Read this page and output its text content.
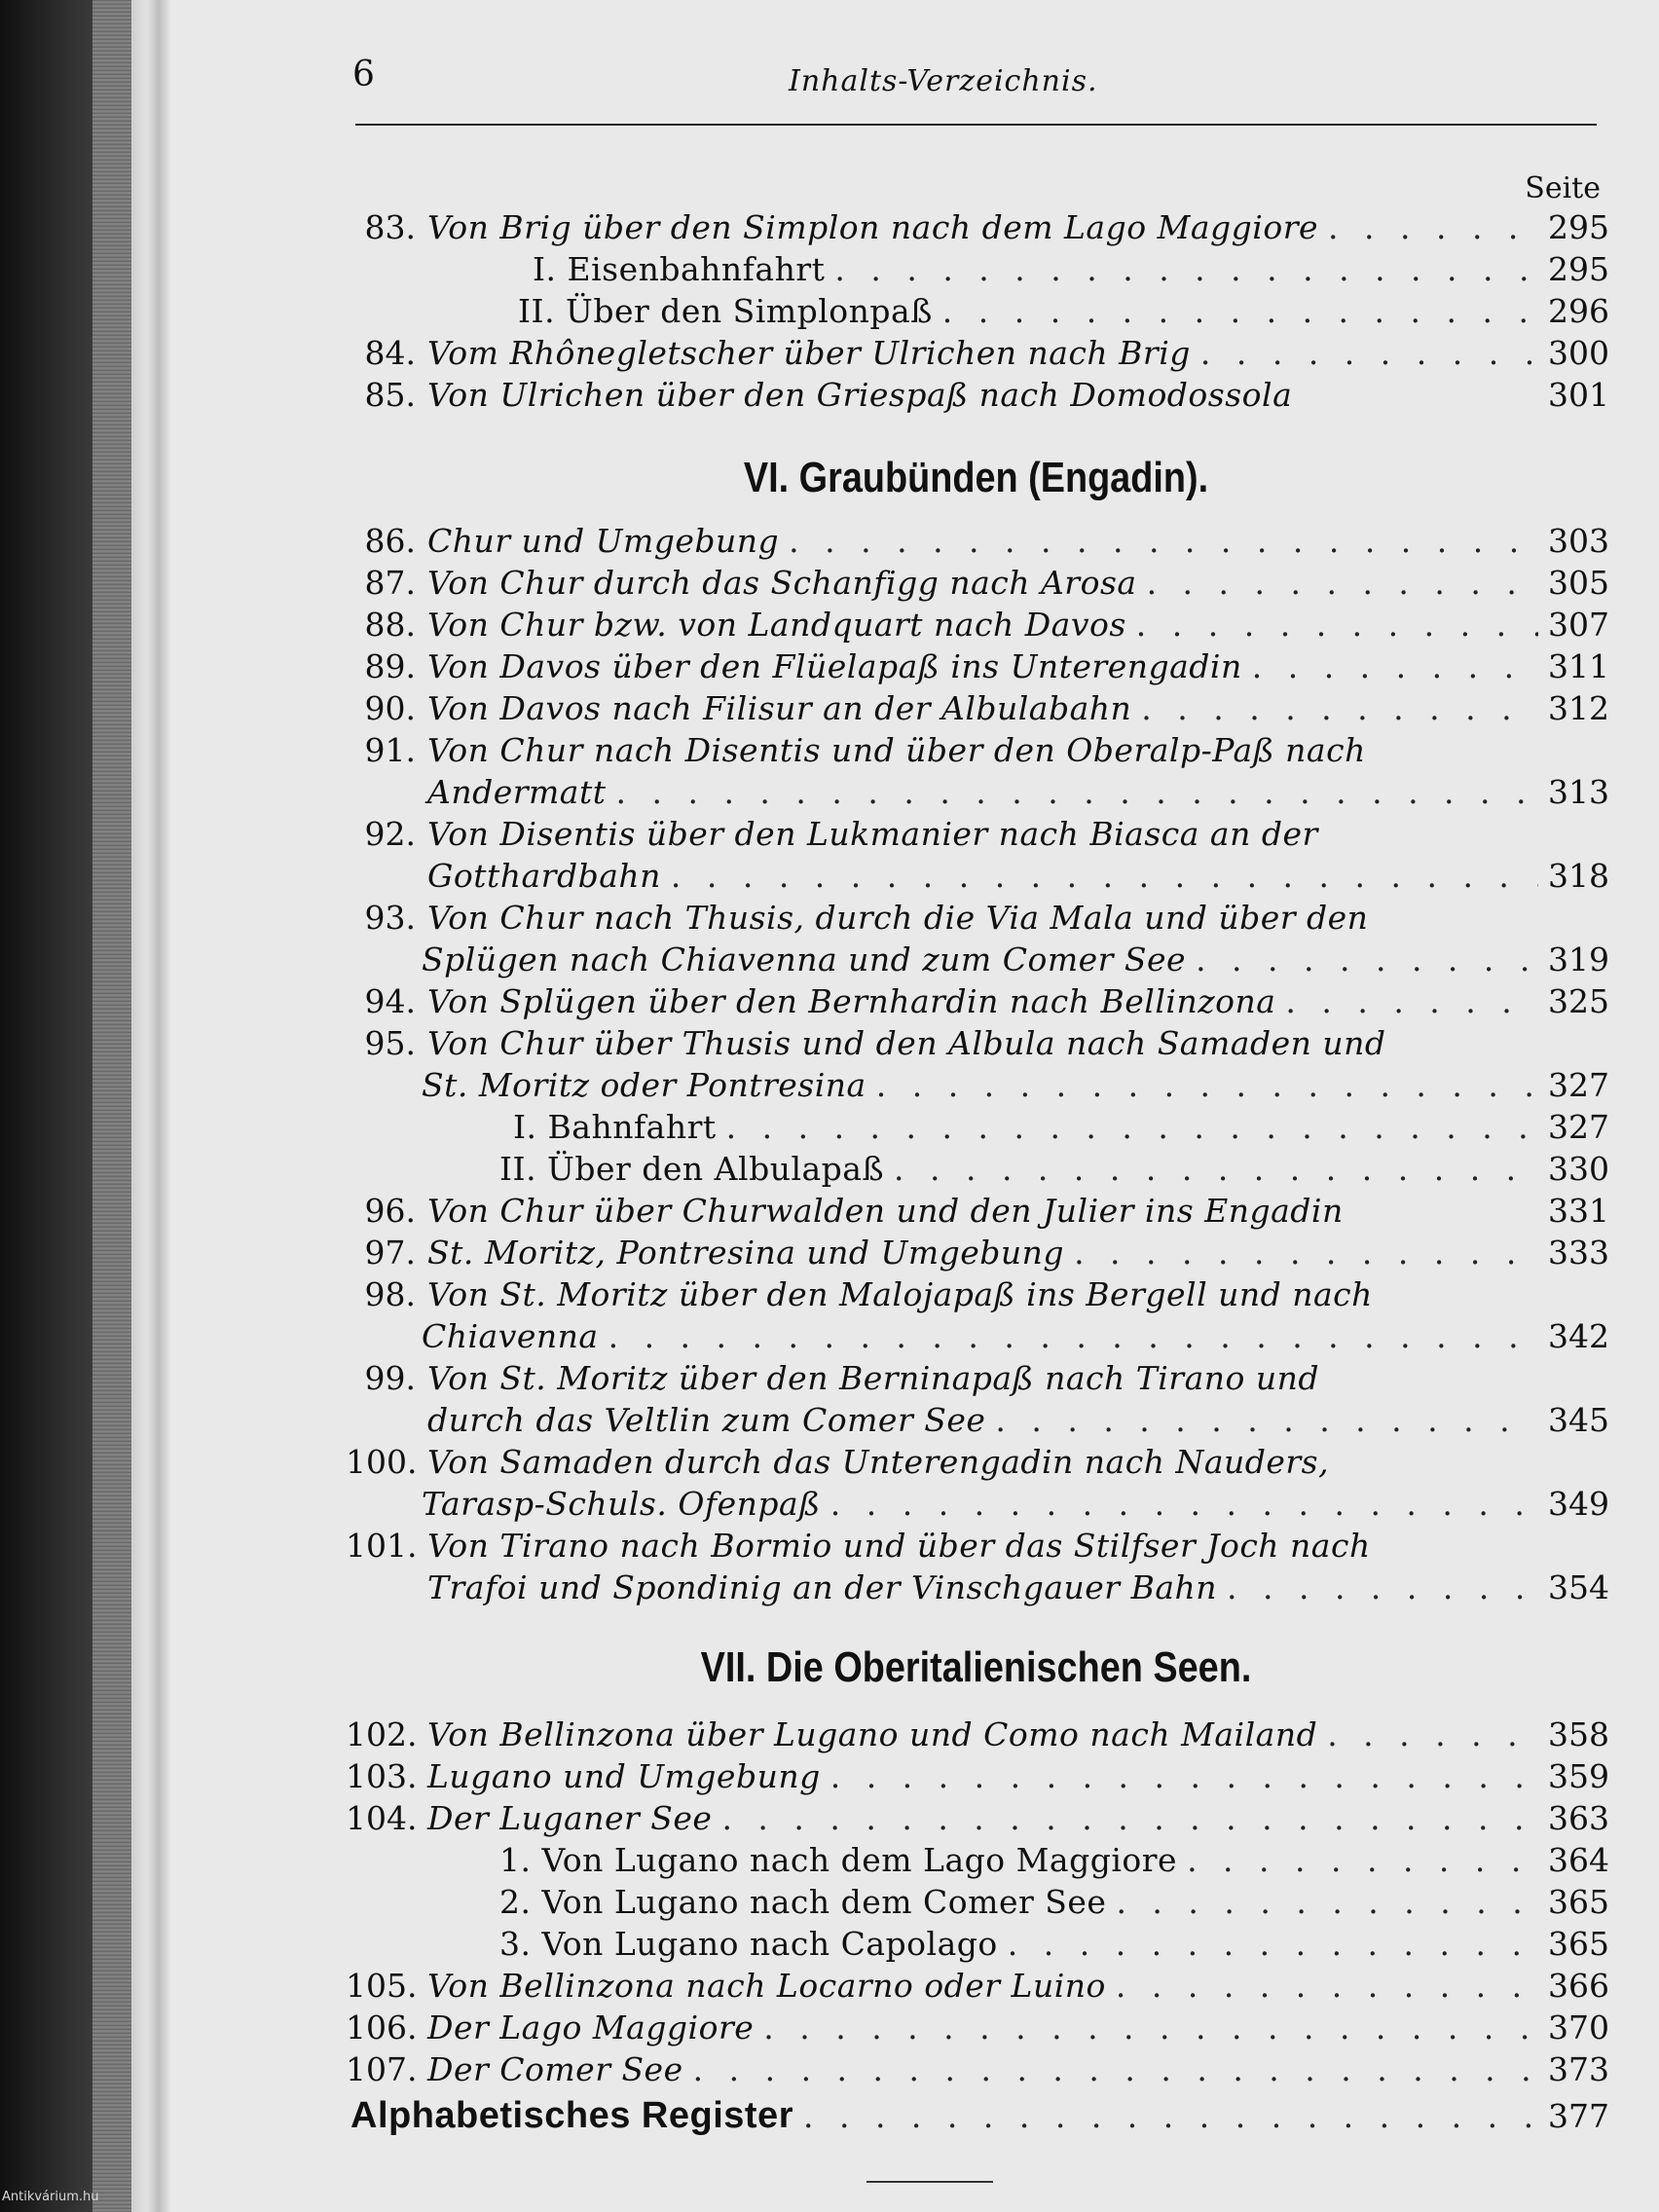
Antikvárium.hu
6	Inhalts-Verzeichnis.
Seite
83. Von Brig über den Simplon nach dem Lago Maggiore . . .	295
I. Eisenbahnfahrt . . .	295
II. Über den Simplonpaß . . .	296
84. Vom Rhônegletscher über Ulrichen nach Brig . . .	300
85. Von Ulrichen über den Griespaß nach Domodossola	301
VI. Graubünden (Engadin).
86. Chur und Umgebung . . .	303
87. Von Chur durch das Schanfigg nach Arosa . . .	305
88. Von Chur bzw. von Landquart nach Davos . . .	307
89. Von Davos über den Flüelapaß ins Unterengadin . . .	311
90. Von Davos nach Filisur an der Albulabahn . . .	312
91. Von Chur nach Disentis und über den Oberalp-Paß nach
Andermatt . . .	313
92. Von Disentis über den Lukmanier nach Biasca an der
Gotthardbahn . . .	318
93. Von Chur nach Thusis, durch die Via Mala und über den
Splügen nach Chiavenna und zum Comer See . . .	319
94. Von Splügen über den Bernhardin nach Bellinzona . . .	325
95. Von Chur über Thusis und den Albula nach Samaden und
St. Moritz oder Pontresina . . .	327
I. Bahnfahrt . . .	327
II. Über den Albulapaß . . .	330
96. Von Chur über Churwalden und den Julier ins Engadin	331
97. St. Moritz, Pontresina und Umgebung . . .	333
98. Von St. Moritz über den Malojapaß ins Bergell und nach
Chiavenna . . .	342
99. Von St. Moritz über den Berninapaß nach Tirano und
durch das Veltlin zum Comer See . . .	345
100. Von Samaden durch das Unterengadin nach Nauders,
Tarasp-Schuls. Ofenpaß . . .	349
101. Von Tirano nach Bormio und über das Stilfser Joch nach
Trafoi und Spondinig an der Vinschgauer Bahn . . .	354
VII. Die Oberitalienischen Seen.
102. Von Bellinzona über Lugano und Como nach Mailand . . .	358
103. Lugano und Umgebung . . .	359
104. Der Luganer See . . .	363
1. Von Lugano nach dem Lago Maggiore . . .	364
2. Von Lugano nach dem Comer See . . .	365
3. Von Lugano nach Capolago . . .	365
105. Von Bellinzona nach Locarno oder Luino . . .	366
106. Der Lago Maggiore . . .	370
107. Der Comer See . . .	373
Alphabetisches Register . . .	377
